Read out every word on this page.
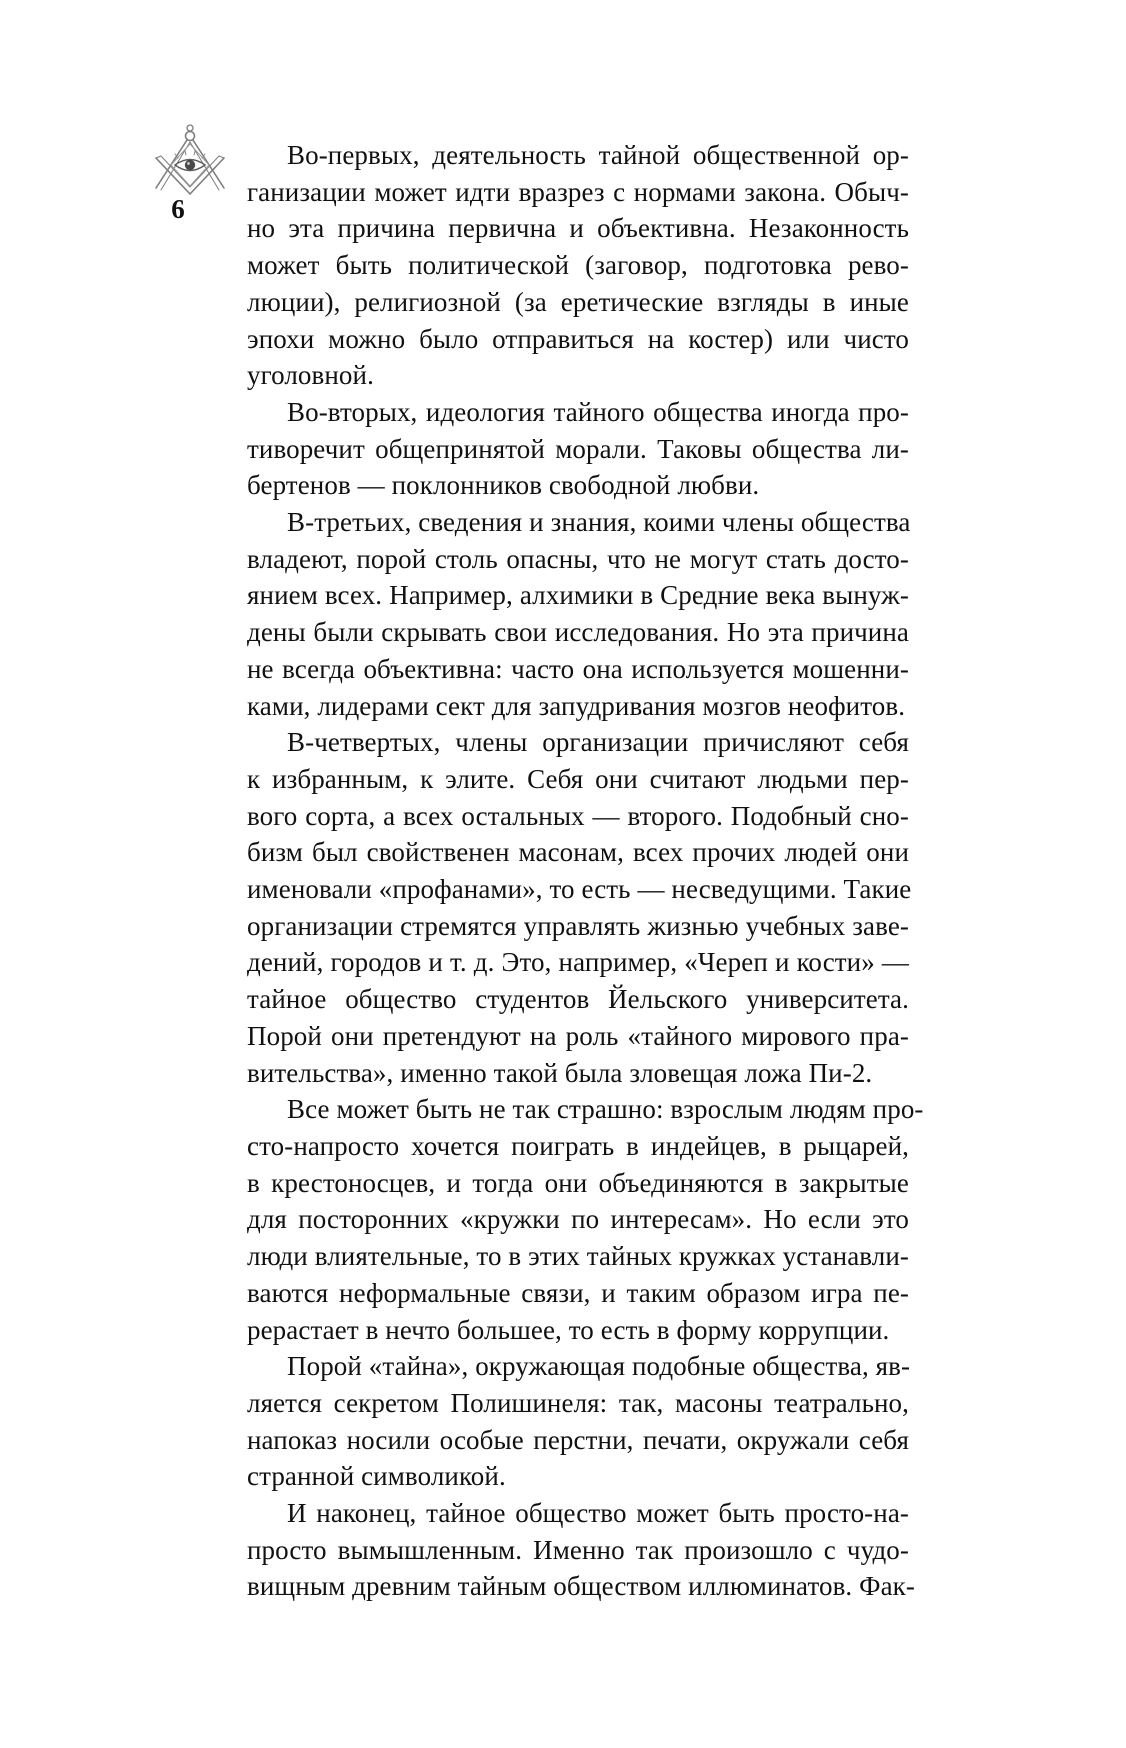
6
Во-первых, деятельность тайной общественной ор-
ганизации может идти вразрез с нормами закона. Обыч-
но эта причина первична и объективна. Незаконность
может быть политической (заговор, подготовка рево-
люции), религиозной (за еретические взгляды в иные
эпохи можно было отправиться на костер) или чисто
уголовной.
Во-вторых, идеология тайного общества иногда про-
тиворечит общепринятой морали. Таковы общества ли-
бертенов — поклонников свободной любви.
В-третьих, сведения и знания, коими члены общества
владеют, порой столь опасны, что не могут стать досто-
янием всех. Например, алхимики в Средние века вынуж-
дены были скрывать свои исследования. Но эта причина
не всегда объективна: часто она используется мошенни-
ками, лидерами сект для запудривания мозгов неофитов.
В-четвертых, члены организации причисляют себя
к избранным, к элите. Себя они считают людьми пер-
вого сорта, а всех остальных — второго. Подобный сно-
бизм был свойственен масонам, всех прочих людей они
именовали «профанами», то есть — несведущими. Такие
организации стремятся управлять жизнью учебных заве-
дений, городов и т. д. Это, например, «Череп и кости» —
тайное общество студентов Йельского университета.
Порой они претендуют на роль «тайного мирового пра-
вительства», именно такой была зловещая ложа Пи-2.
Все может быть не так страшно: взрослым людям про-
сто-напросто хочется поиграть в индейцев, в рыцарей,
в крестоносцев, и тогда они объединяются в закрытые
для посторонних «кружки по интересам». Но если это
люди влиятельные, то в этих тайных кружках устанавли-
ваются неформальные связи, и таким образом игра пе-
рерастает в нечто большее, то есть в форму коррупции.
Порой «тайна», окружающая подобные общества, яв-
ляется секретом Полишинеля: так, масоны театрально,
напоказ носили особые перстни, печати, окружали себя
странной символикой.
И наконец, тайное общество может быть просто-на-
просто вымышленным. Именно так произошло с чудо-
вищным древним тайным обществом иллюминатов. Фак-
